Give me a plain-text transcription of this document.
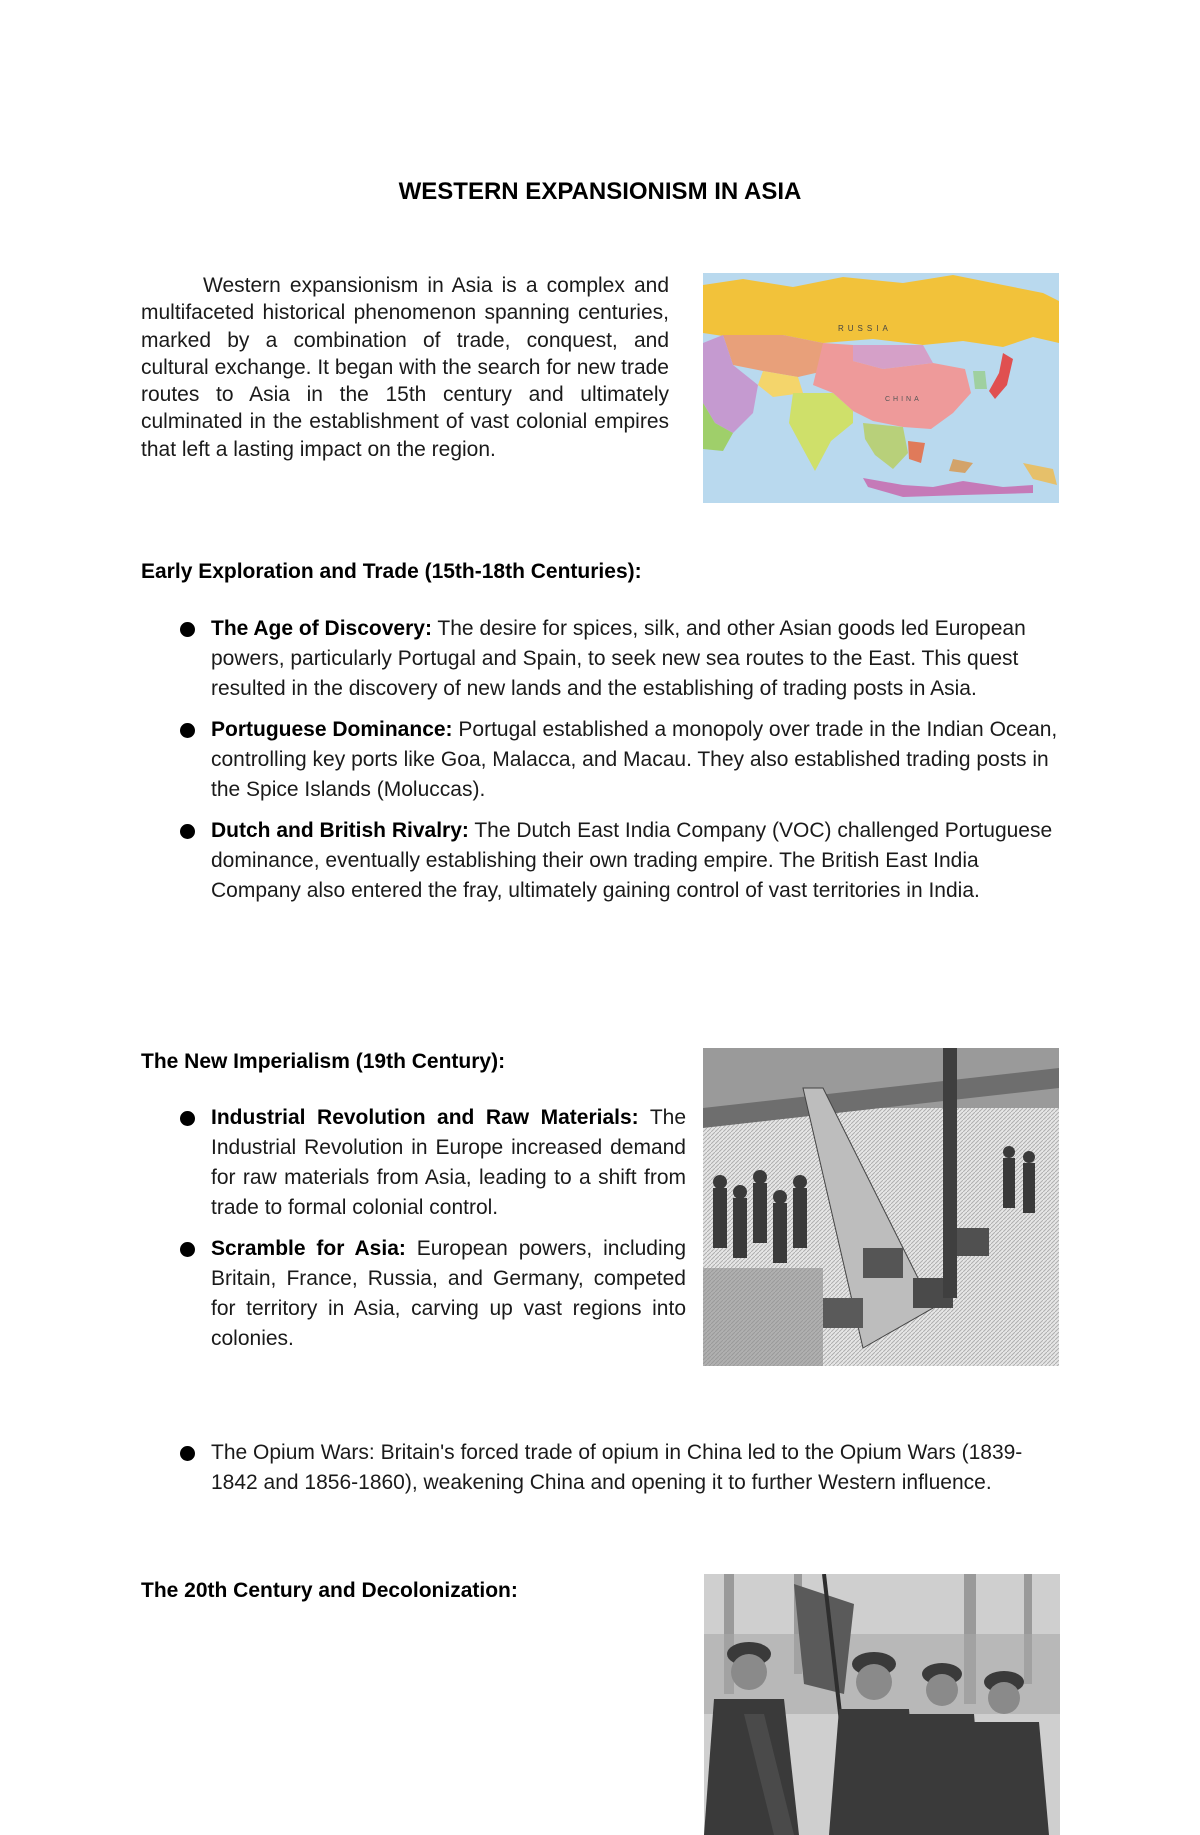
WESTERN EXPANSIONISM IN ASIA

Western expansionism in Asia is a complex and multifaceted historical phenomenon spanning centuries, marked by a combination of trade, conquest, and cultural exchange. It began with the search for new trade routes to Asia in the 15th century and ultimately culminated in the establishment of vast colonial empires that left a lasting impact on the region.

RUSSIA
CHINA

Early Exploration and Trade (15th-18th Centuries):

The Age of Discovery: The desire for spices, silk, and other Asian goods led European powers, particularly Portugal and Spain, to seek new sea routes to the East. This quest resulted in the discovery of new lands and the establishing of trading posts in Asia.
Portuguese Dominance: Portugal established a monopoly over trade in the Indian Ocean, controlling key ports like Goa, Malacca, and Macau. They also established trading posts in the Spice Islands (Moluccas).
Dutch and British Rivalry: The Dutch East India Company (VOC) challenged Portuguese dominance, eventually establishing their own trading empire. The British East India Company also entered the fray, ultimately gaining control of vast territories in India.

The New Imperialism (19th Century):

Industrial Revolution and Raw Materials: The Industrial Revolution in Europe increased demand for raw materials from Asia, leading to a shift from trade to formal colonial control.
Scramble for Asia: European powers, including Britain, France, Russia, and Germany, competed for territory in Asia, carving up vast regions into colonies.
The Opium Wars: Britain's forced trade of opium in China led to the Opium Wars (1839-1842 and 1856-1860), weakening China and opening it to further Western influence.

The 20th Century and Decolonization:
